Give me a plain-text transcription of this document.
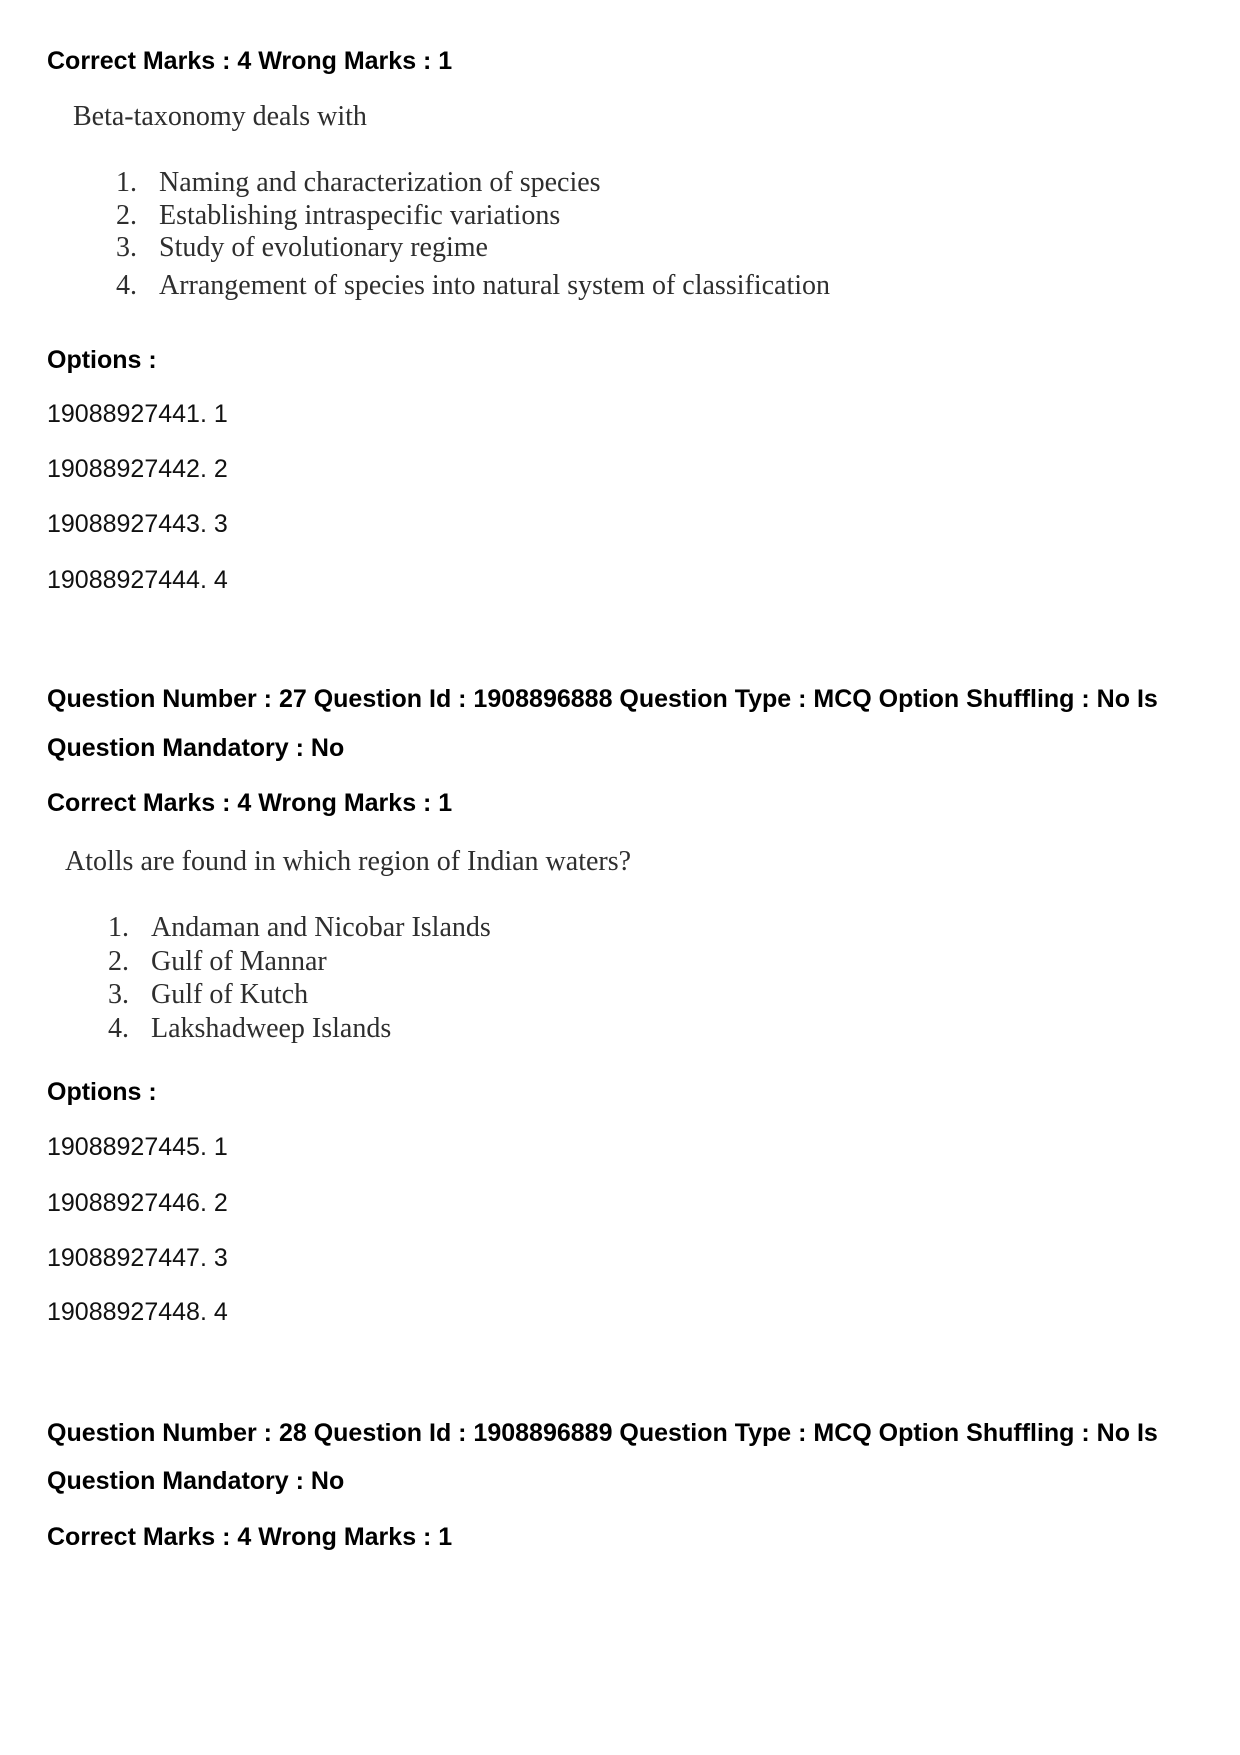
Correct Marks : 4 Wrong Marks : 1
Beta-taxonomy deals with
1. Naming and characterization of species
2. Establishing intraspecific variations
3. Study of evolutionary regime
4. Arrangement of species into natural system of classification
Options :
19088927441. 1
19088927442. 2
19088927443. 3
19088927444. 4
Question Number : 27 Question Id : 1908896888 Question Type : MCQ Option Shuffling : No Is
Question Mandatory : No
Correct Marks : 4 Wrong Marks : 1
Atolls are found in which region of Indian waters?
1. Andaman and Nicobar Islands
2. Gulf of Mannar
3. Gulf of Kutch
4. Lakshadweep Islands
Options :
19088927445. 1
19088927446. 2
19088927447. 3
19088927448. 4
Question Number : 28 Question Id : 1908896889 Question Type : MCQ Option Shuffling : No Is
Question Mandatory : No
Correct Marks : 4 Wrong Marks : 1
